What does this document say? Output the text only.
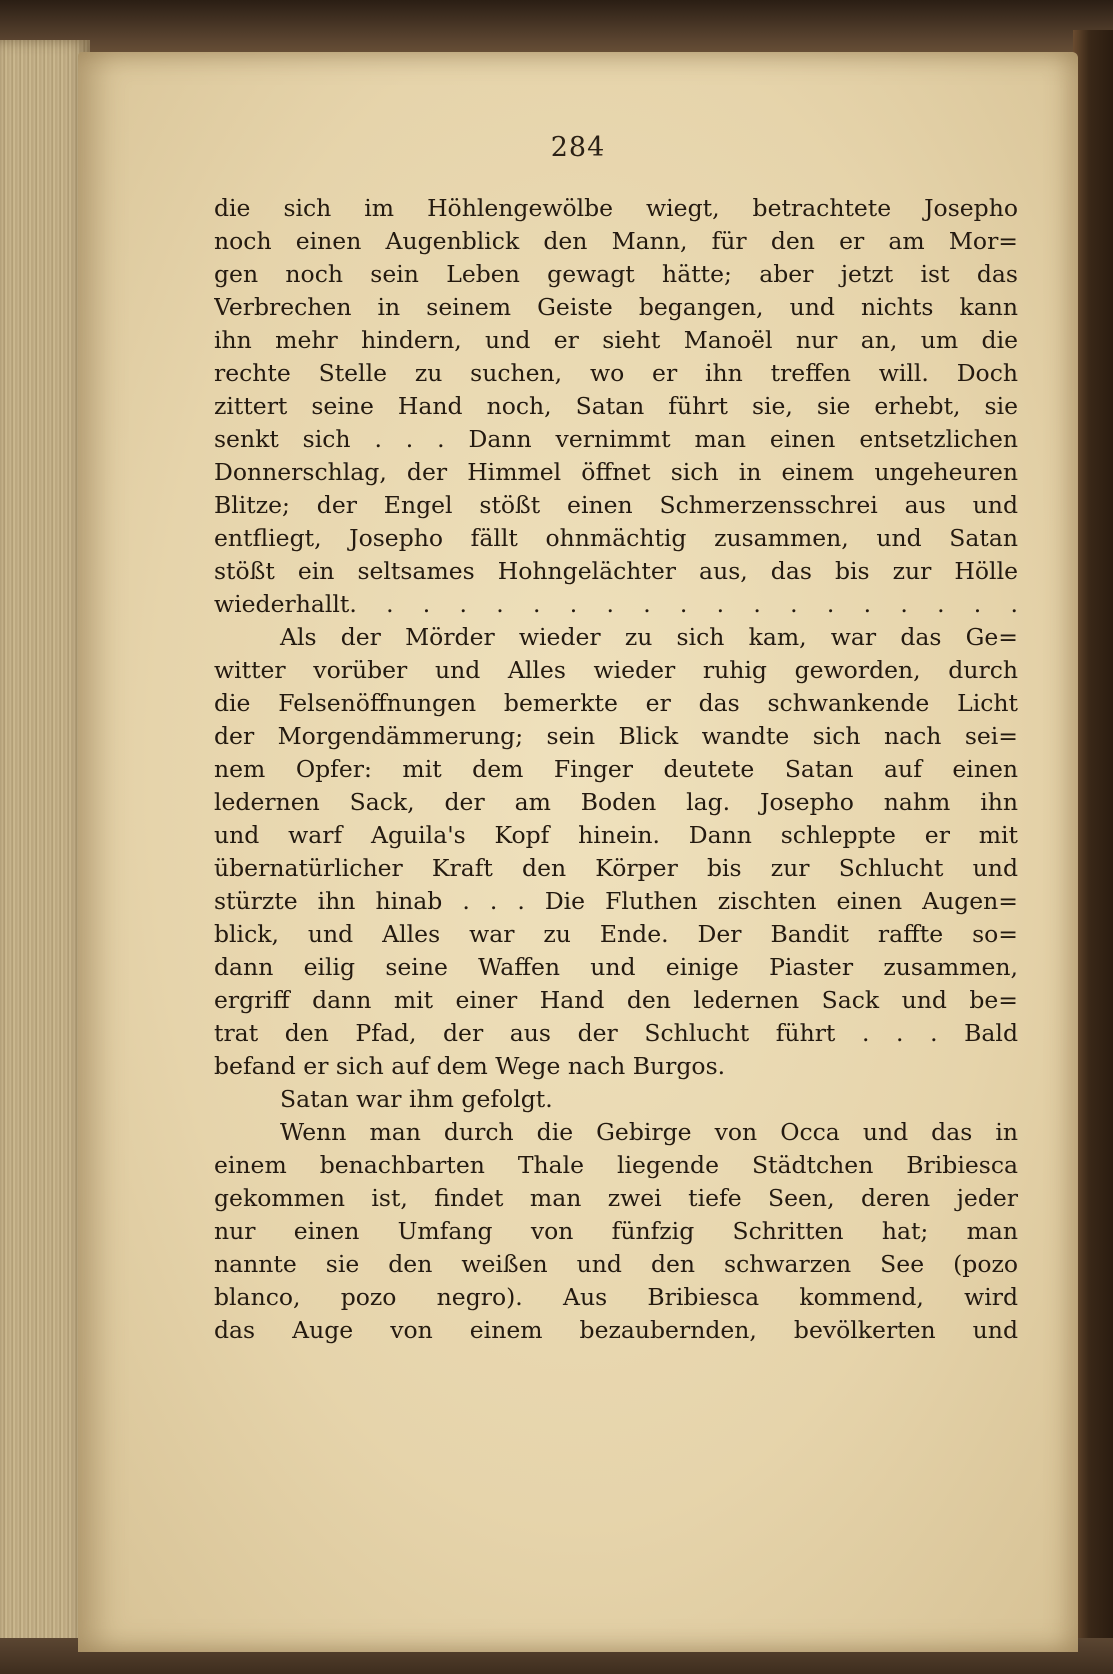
284
die sich im Höhlengewölbe wiegt, betrachtete Josepho
noch einen Augenblick den Mann, für den er am Mor=
gen noch sein Leben gewagt hätte; aber jetzt ist das
Verbrechen in seinem Geiste begangen, und nichts kann
ihn mehr hindern, und er sieht Manoël nur an, um die
rechte Stelle zu suchen, wo er ihn treffen will. Doch
zittert seine Hand noch, Satan führt sie, sie erhebt, sie
senkt sich . . . Dann vernimmt man einen entsetzlichen
Donnerschlag, der Himmel öffnet sich in einem ungeheuren
Blitze; der Engel stößt einen Schmerzensschrei aus und
entfliegt, Josepho fällt ohnmächtig zusammen, und Satan
stößt ein seltsames Hohngelächter aus, das bis zur Hölle
wiederhallt. . . . . . . . . . . . . . . . . . .
Als der Mörder wieder zu sich kam, war das Ge=
witter vorüber und Alles wieder ruhig geworden, durch
die Felsenöffnungen bemerkte er das schwankende Licht
der Morgendämmerung; sein Blick wandte sich nach sei=
nem Opfer: mit dem Finger deutete Satan auf einen
ledernen Sack, der am Boden lag. Josepho nahm ihn
und warf Aguila's Kopf hinein. Dann schleppte er mit
übernatürlicher Kraft den Körper bis zur Schlucht und
stürzte ihn hinab . . . Die Fluthen zischten einen Augen=
blick, und Alles war zu Ende. Der Bandit raffte so=
dann eilig seine Waffen und einige Piaster zusammen,
ergriff dann mit einer Hand den ledernen Sack und be=
trat den Pfad, der aus der Schlucht führt . . . Bald
befand er sich auf dem Wege nach Burgos.
Satan war ihm gefolgt.
Wenn man durch die Gebirge von Occa und das in
einem benachbarten Thale liegende Städtchen Bribiesca
gekommen ist, findet man zwei tiefe Seen, deren jeder
nur einen Umfang von fünfzig Schritten hat; man
nannte sie den weißen und den schwarzen See (pozo
blanco, pozo negro). Aus Bribiesca kommend, wird
das Auge von einem bezaubernden, bevölkerten und
